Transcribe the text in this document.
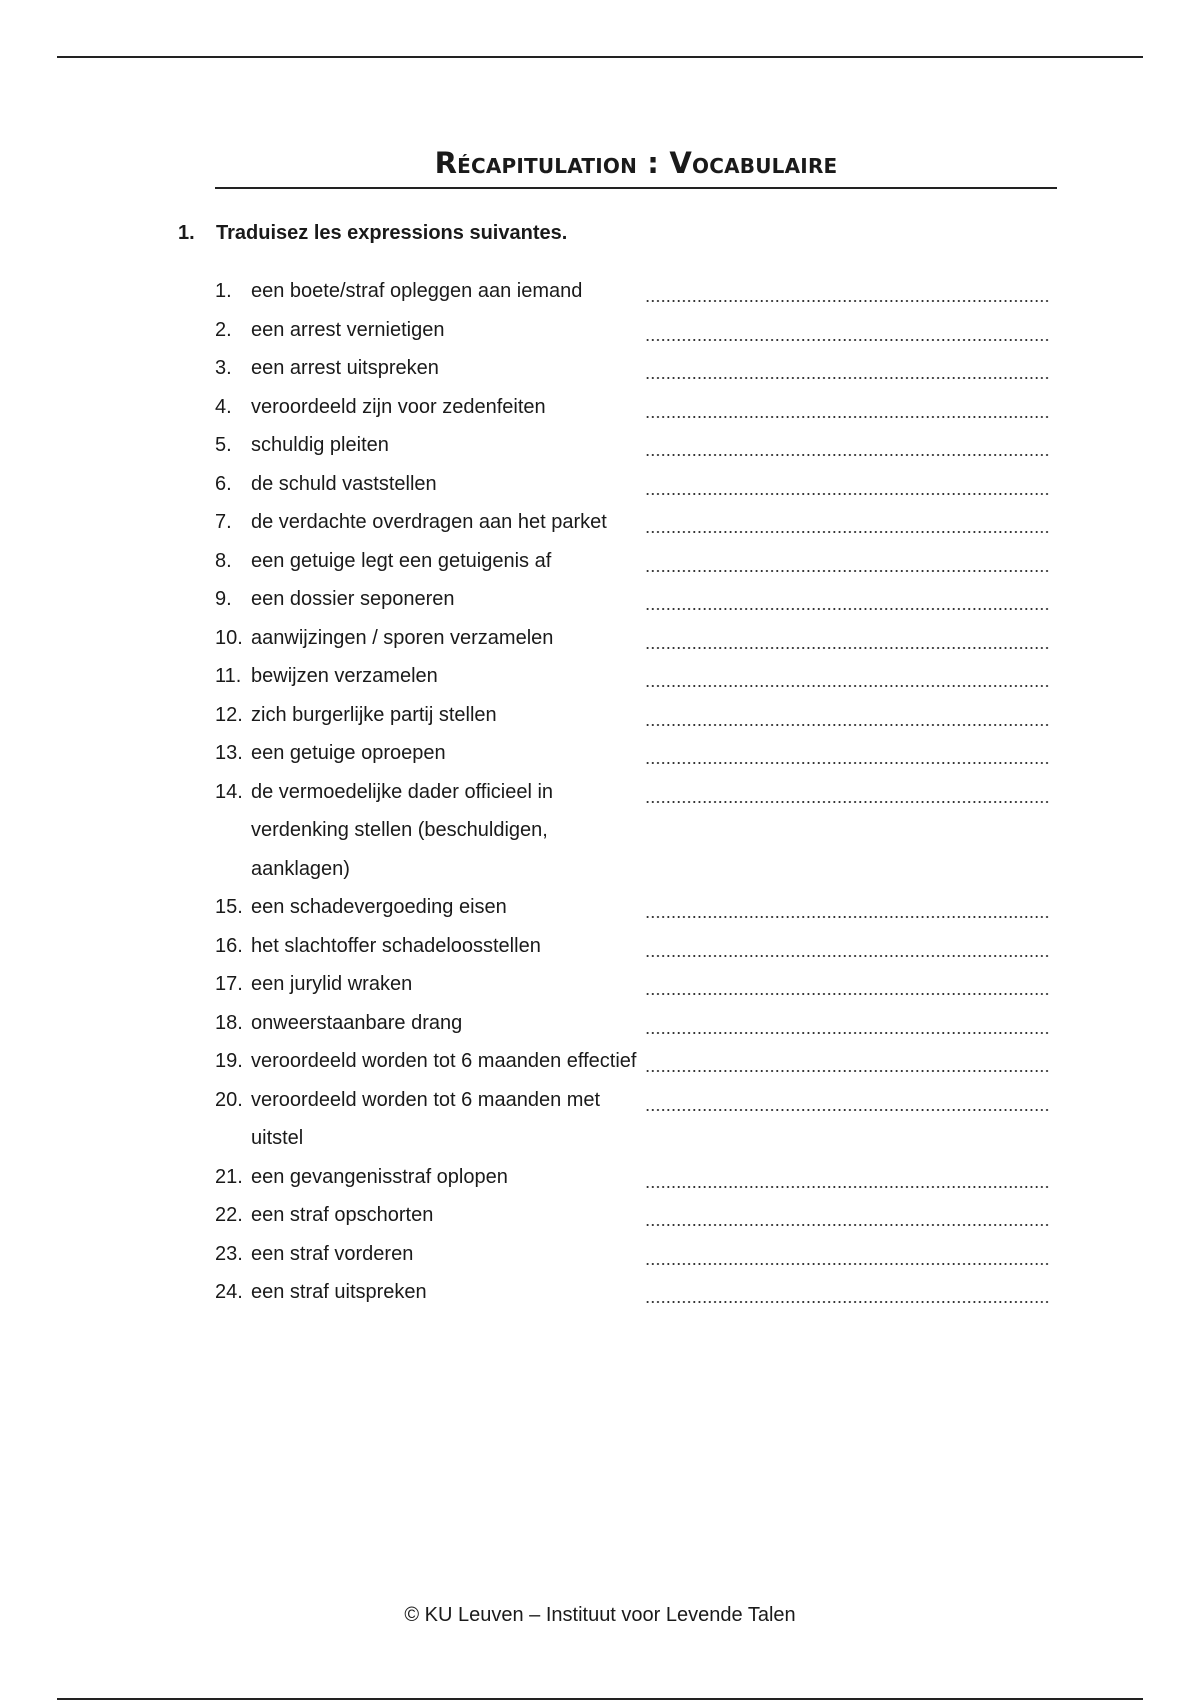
Récapitulation : Vocabulaire
1. Traduisez les expressions suivantes.
1. een boete/straf opleggen aan iemand
2. een arrest vernietigen
3. een arrest uitspreken
4. veroordeeld zijn voor zedenfeiten
5. schuldig pleiten
6. de schuld vaststellen
7. de verdachte overdragen aan het parket
8. een getuige legt een getuigenis af
9. een dossier seponeren
10. aanwijzingen / sporen verzamelen
11. bewijzen verzamelen
12. zich burgerlijke partij stellen
13. een getuige oproepen
14. de vermoedelijke dader officieel in verdenking stellen (beschuldigen, aanklagen)
15. een schadevergoeding eisen
16. het slachtoffer schadeloosstellen
17. een jurylid wraken
18. onweerstaanbare drang
19. veroordeeld worden tot 6 maanden effectief
20. veroordeeld worden tot 6 maanden met uitstel
21. een gevangenisstraf oplopen
22. een straf opschorten
23. een straf vorderen
24. een straf uitspreken
© KU Leuven – Instituut voor Levende Talen
